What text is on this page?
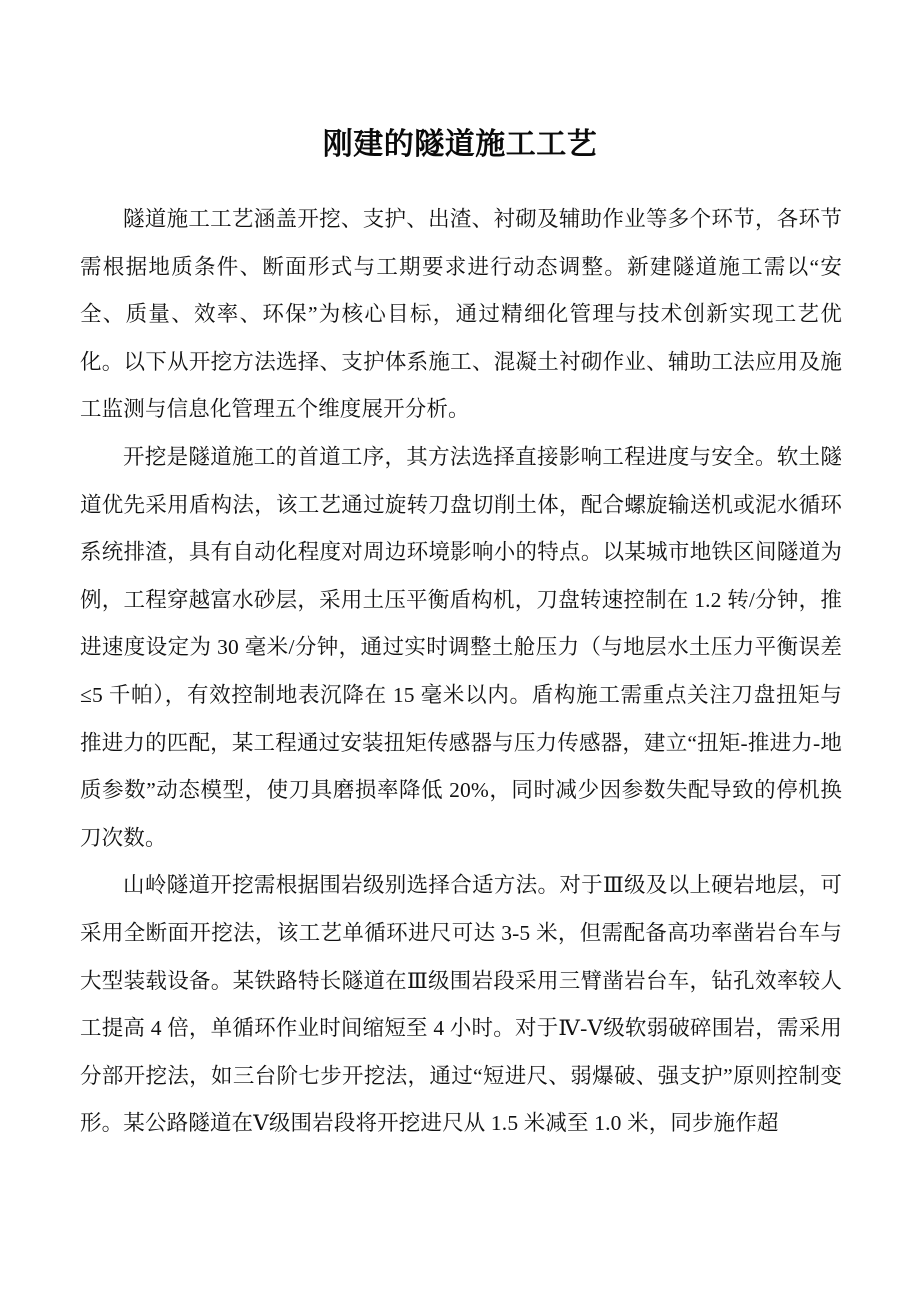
刚建的隧道施工工艺

隧道施工工艺涵盖开挖、支护、出渣、衬砌及辅助作业等多个环节，各环节需根据地质条件、断面形式与工期要求进行动态调整。新建隧道施工需以“安全、质量、效率、环保”为核心目标，通过精细化管理与技术创新实现工艺优化。以下从开挖方法选择、支护体系施工、混凝土衬砌作业、辅助工法应用及施工监测与信息化管理五个维度展开分析。

开挖是隧道施工的首道工序，其方法选择直接影响工程进度与安全。软土隧道优先采用盾构法，该工艺通过旋转刀盘切削土体，配合螺旋输送机或泥水循环系统排渣，具有自动化程度对周边环境影响小的特点。以某城市地铁区间隧道为例，工程穿越富水砂层，采用土压平衡盾构机，刀盘转速控制在 1.2 转/分钟，推进速度设定为 30 毫米/分钟，通过实时调整土舱压力（与地层水土压力平衡误差≤5 千帕），有效控制地表沉降在 15 毫米以内。盾构施工需重点关注刀盘扭矩与推进力的匹配，某工程通过安装扭矩传感器与压力传感器，建立“扭矩-推进力-地质参数”动态模型，使刀具磨损率降低 20%，同时减少因参数失配导致的停机换刀次数。

山岭隧道开挖需根据围岩级别选择合适方法。对于Ⅲ级及以上硬岩地层，可采用全断面开挖法，该工艺单循环进尺可达 3-5 米，但需配备高功率凿岩台车与大型装载设备。某铁路特长隧道在Ⅲ级围岩段采用三臂凿岩台车，钻孔效率较人工提高 4 倍，单循环作业时间缩短至 4 小时。对于Ⅳ-Ⅴ级软弱破碎围岩，需采用分部开挖法，如三台阶七步开挖法，通过“短进尺、弱爆破、强支护”原则控制变形。某公路隧道在Ⅴ级围岩段将开挖进尺从 1.5 米减至 1.0 米，同步施作超
